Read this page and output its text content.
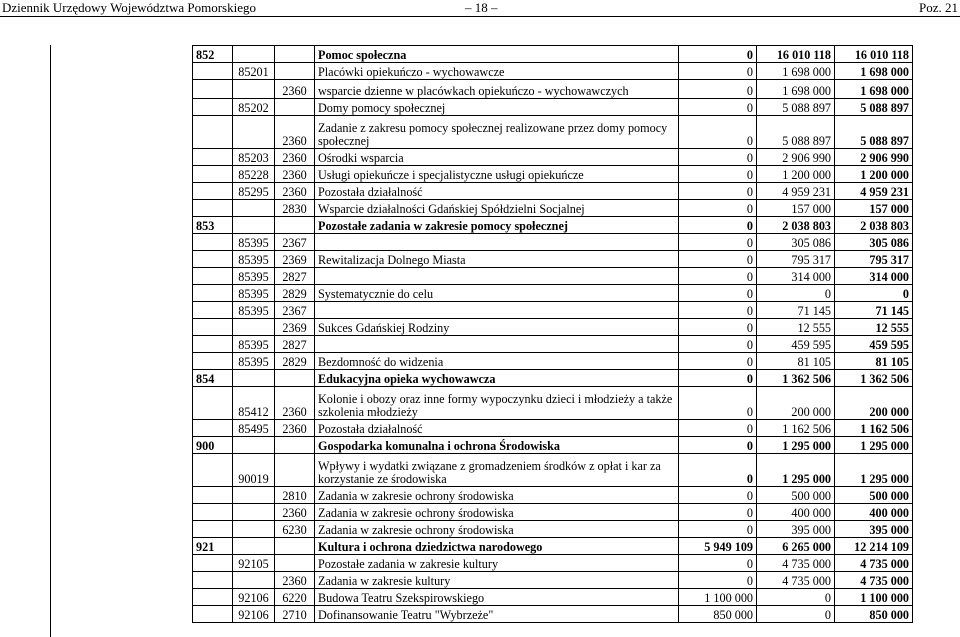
Dziennik Urzędowy Województwa Pomorskiego	– 18 –	Poz. 21
852			Pomoc społeczna	0	16 010 118	16 010 118
	85201		Placówki opiekuńczo - wychowawcze	0	1 698 000	1 698 000
		2360	wsparcie dzienne w placówkach opiekuńczo - wychowawczych	0	1 698 000	1 698 000
	85202		Domy pomocy społecznej	0	5 088 897	5 088 897
		2360	Zadanie z zakresu pomocy społecznej realizowane przez domy pomocy społecznej	0	5 088 897	5 088 897
	85203	2360	Ośrodki wsparcia	0	2 906 990	2 906 990
	85228	2360	Usługi opiekuńcze i specjalistyczne usługi opiekuńcze	0	1 200 000	1 200 000
	85295	2360	Pozostała działalność	0	4 959 231	4 959 231
		2830	Wsparcie działalności Gdańskiej Spółdzielni Socjalnej	0	157 000	157 000
853			Pozostałe zadania w zakresie pomocy społecznej	0	2 038 803	2 038 803
	85395	2367		0	305 086	305 086
	85395	2369	Rewitalizacja Dolnego Miasta	0	795 317	795 317
	85395	2827		0	314 000	314 000
	85395	2829	Systematycznie do celu	0	0	0
	85395	2367		0	71 145	71 145
		2369	Sukces Gdańskiej Rodziny	0	12 555	12 555
	85395	2827		0	459 595	459 595
	85395	2829	Bezdomność do widzenia	0	81 105	81 105
854			Edukacyjna opieka wychowawcza	0	1 362 506	1 362 506
	85412	2360	Kolonie i obozy oraz inne formy wypoczynku dzieci i młodzieży a także szkolenia młodzieży	0	200 000	200 000
	85495	2360	Pozostała działalność	0	1 162 506	1 162 506
900			Gospodarka komunalna i ochrona Środowiska	0	1 295 000	1 295 000
	90019		Wpływy i wydatki związane z gromadzeniem środków z opłat i kar za korzystanie ze środowiska	0	1 295 000	1 295 000
		2810	Zadania w zakresie ochrony środowiska	0	500 000	500 000
		2360	Zadania w zakresie ochrony środowiska	0	400 000	400 000
		6230	Zadania w zakresie ochrony środowiska	0	395 000	395 000
921			Kultura i ochrona dziedzictwa narodowego	5 949 109	6 265 000	12 214 109
	92105		Pozostałe zadania w zakresie kultury	0	4 735 000	4 735 000
		2360	Zadania w zakresie kultury	0	4 735 000	4 735 000
	92106	6220	Budowa Teatru Szekspirowskiego	1 100 000	0	1 100 000
	92106	2710	Dofinansowanie Teatru "Wybrzeże"	850 000	0	850 000
